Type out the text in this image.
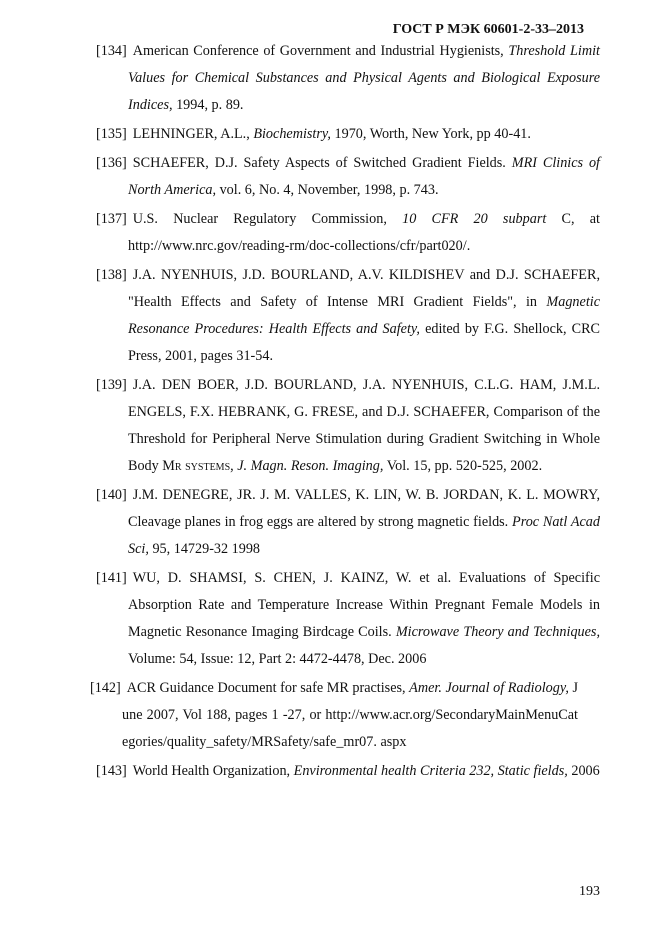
ГОСТ Р МЭК 60601-2-33–2013
[134] American Conference of Government and Industrial Hygienists, Threshold Limit Values for Chemical Substances and Physical Agents and Biological Exposure Indices, 1994, p. 89.
[135] LEHNINGER, A.L., Biochemistry, 1970, Worth, New York, pp 40-41.
[136] SCHAEFER, D.J. Safety Aspects of Switched Gradient Fields. MRI Clinics of North America, vol. 6, No. 4, November, 1998, p. 743.
[137] U.S. Nuclear Regulatory Commission, 10 CFR 20 subpart C, at http://www.nrc.gov/reading-rm/doc-collections/cfr/part020/.
[138] J.A. NYENHUIS, J.D. BOURLAND, A.V. KILDISHEV and D.J. SCHAEFER, "Health Effects and Safety of Intense MRI Gradient Fields", in Magnetic Resonance Procedures: Health Effects and Safety, edited by F.G. Shellock, CRC Press, 2001, pages 31-54.
[139] J.A. DEN BOER, J.D. BOURLAND, J.A. NYENHUIS, C.L.G. HAM, J.M.L. ENGELS, F.X. HEBRANK, G. FRESE, and D.J. SCHAEFER, Comparison of the Threshold for Peripheral Nerve Stimulation during Gradient Switching in Whole Body Mr systems, J. Magn. Reson. Imaging, Vol. 15, pp. 520-525, 2002.
[140] J.M. DENEGRE, JR. J. M. VALLES, K. LIN, W. B. JORDAN, K. L. MOWRY, Cleavage planes in frog eggs are altered by strong magnetic fields. Proc Natl Acad Sci, 95, 14729-32 1998
[141] WU, D. SHAMSI, S. CHEN, J. KAINZ, W. et al. Evaluations of Specific Absorption Rate and Temperature Increase Within Pregnant Female Models in Magnetic Resonance Imaging Birdcage Coils. Microwave Theory and Techniques, Volume: 54, Issue: 12, Part 2: 4472-4478, Dec. 2006
[142] ACR Guidance Document for safe MR practises, Amer. Journal of Radiology, June 2007, Vol 188, pages 1 -27, or http://www.acr.org/SecondaryMainMenuCategories/quality_safety/MRSafety/safe_mr07. aspx
[143] World Health Organization, Environmental health Criteria 232, Static fields, 2006
193
